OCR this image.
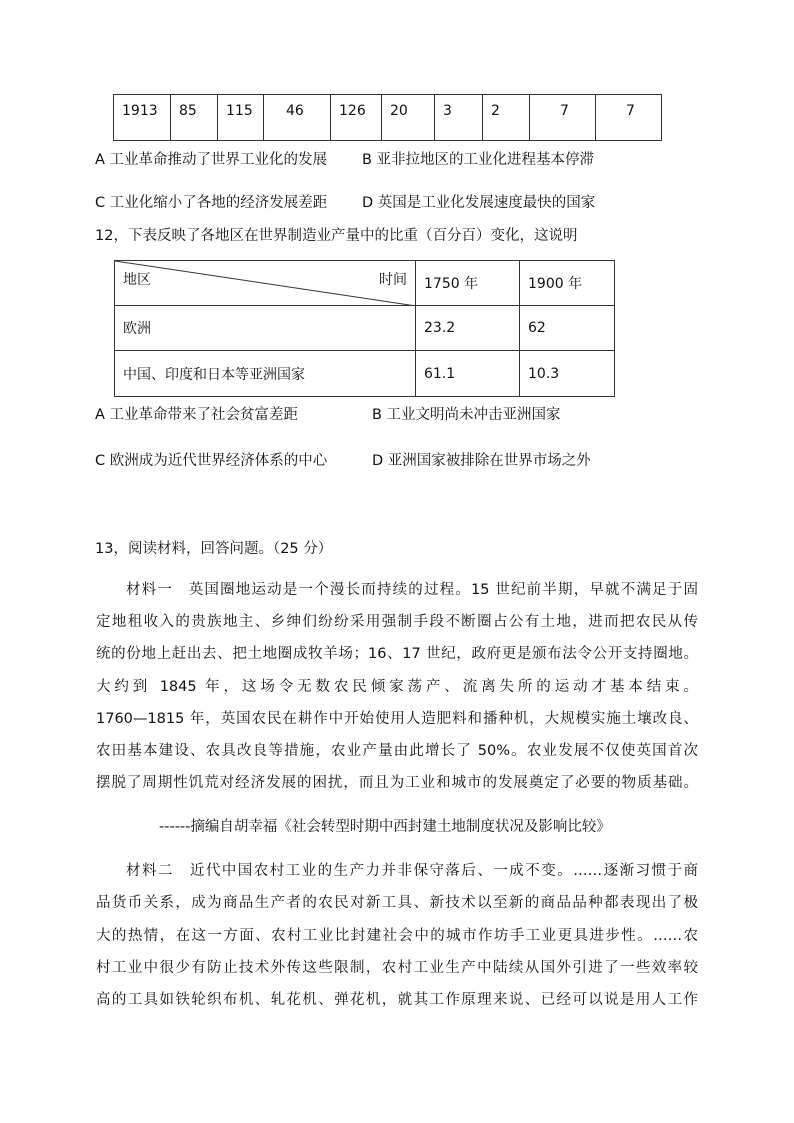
1913	85	115	46	126	20	3	2	7	7
A 工业革命推动了世界工业化的发展 B 亚非拉地区的工业化进程基本停滞
C 工业化缩小了各地的经济发展差距 D 英国是工业化发展速度最快的国家
12，下表反映了各地区在世界制造业产量中的比重（百分百）变化，这说明
地区 时间	1750 年	1900 年
欧洲	23.2	62
中国、印度和日本等亚洲国家	61.1	10.3
A 工业革命带来了社会贫富差距	B 工业文明尚未冲击亚洲国家
C 欧洲成为近代世界经济体系的中心	D 亚洲国家被排除在世界市场之外
13，阅读材料，回答问题。（25 分）
材料一　英国圈地运动是一个漫长而持续的过程。15 世纪前半期，早就不满足于固
定地租收入的贵族地主、乡绅们纷纷采用强制手段不断圈占公有土地，进而把农民从传
统的份地上赶出去、把土地圈成牧羊场；16、17 世纪，政府更是颁布法令公开支持圈地。
大约到 1845 年，这场令无数农民倾家荡产、流离失所的运动才基本结束。
1760—1815 年，英国农民在耕作中开始使用人造肥料和播种机，大规模实施土壤改良、
农田基本建设、农具改良等措施，农业产量由此增长了 50%。农业发展不仅使英国首次
摆脱了周期性饥荒对经济发展的困扰，而且为工业和城市的发展奠定了必要的物质基础。
------摘编自胡幸福《社会转型时期中西封建土地制度状况及影响比较》
材料二　近代中国农村工业的生产力并非保守落后、一成不变。……逐渐习惯于商
品货币关系，成为商品生产者的农民对新工具、新技术以至新的商品品种都表现出了极
大的热情，在这一方面、农村工业比封建社会中的城市作坊手工业更具进步性。……农
村工业中很少有防止技术外传这些限制，农村工业生产中陆续从国外引进了一些效率较
高的工具如铁轮织布机、轧花机、弹花机，就其工作原理来说、已经可以说是用人工作
